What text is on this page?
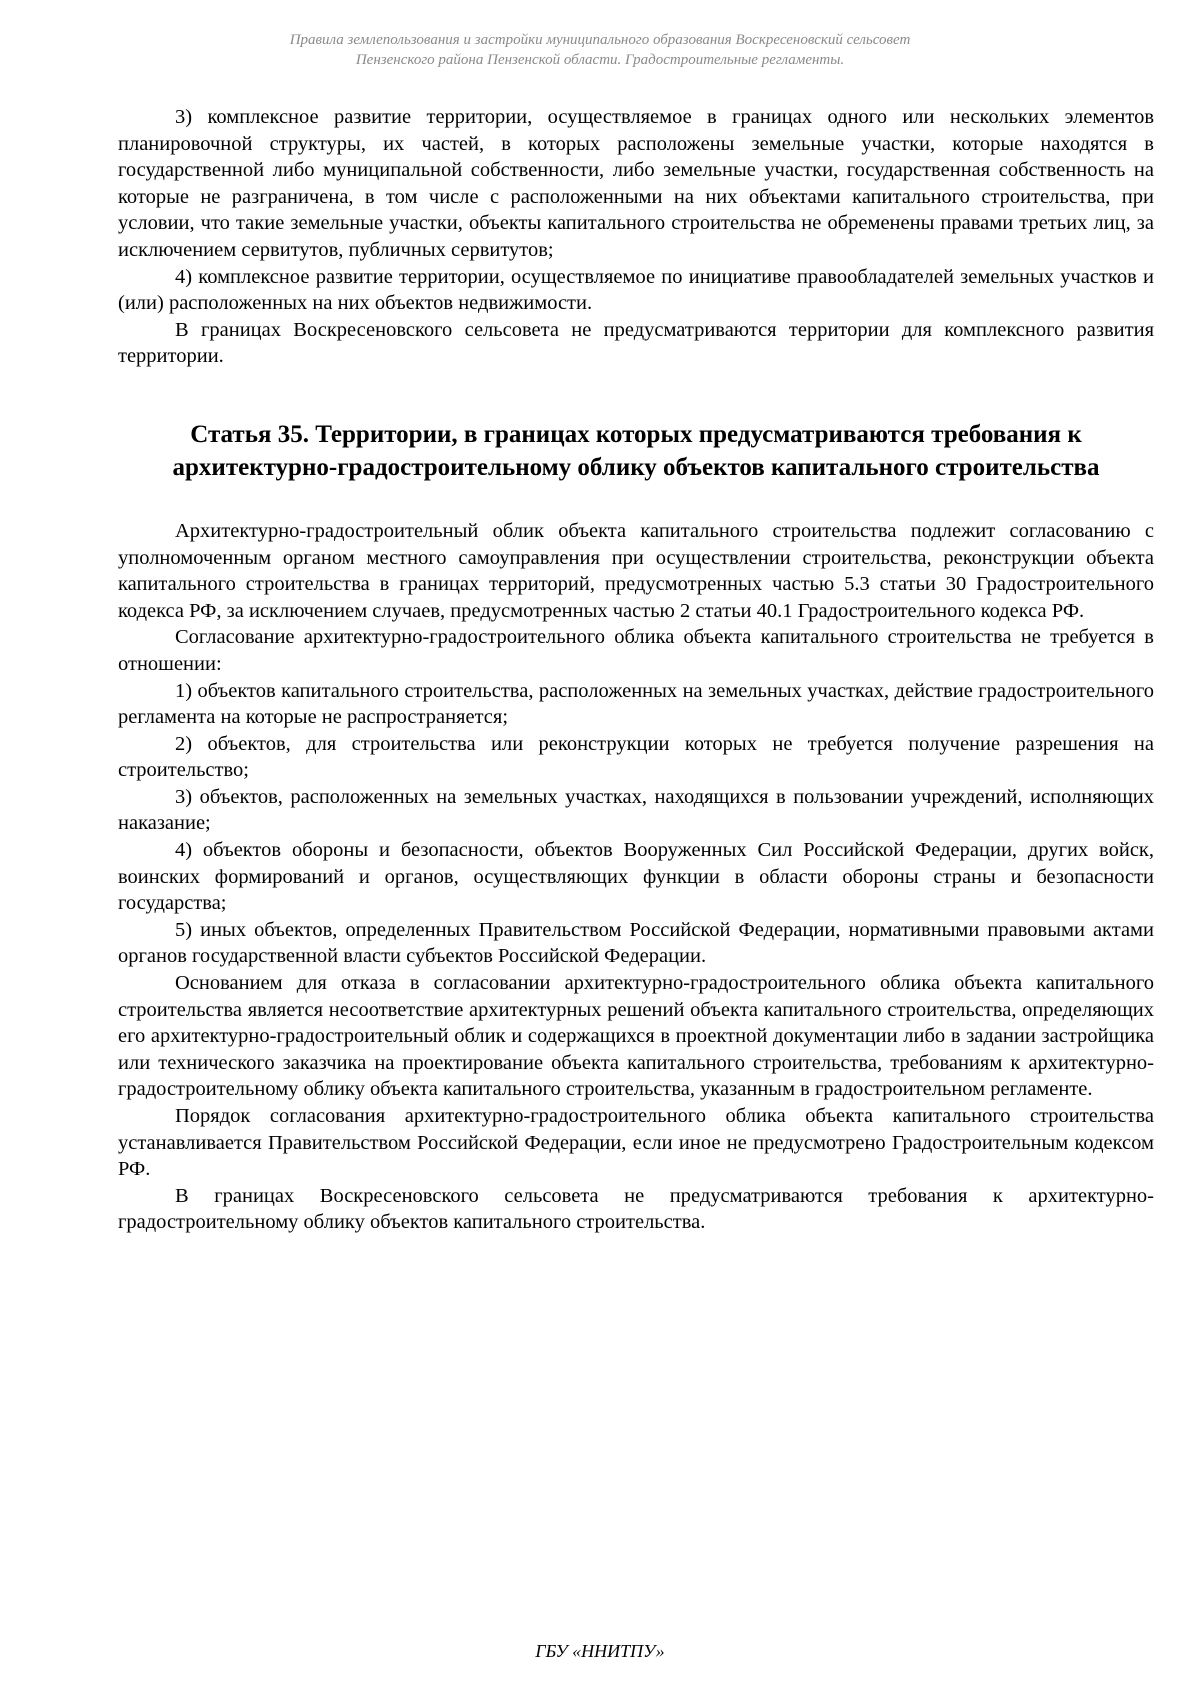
Правила землепользования и застройки муниципального образования Воскресеновский сельсовет
Пензенского района Пензенской области. Градостроительные регламенты.

3) комплексное развитие территории, осуществляемое в границах одного или нескольких элементов планировочной структуры, их частей, в которых расположены земельные участки, которые находятся в государственной либо муниципальной собственности, либо земельные участки, государственная собственность на которые не разграничена, в том числе с расположенными на них объектами капитального строительства, при условии, что такие земельные участки, объекты капитального строительства не обременены правами третьих лиц, за исключением сервитутов, публичных сервитутов;

4) комплексное развитие территории, осуществляемое по инициативе правообладателей земельных участков и (или) расположенных на них объектов недвижимости.

В границах Воскресеновского сельсовета не предусматриваются территории для комплексного развития территории.

Статья 35. Территории, в границах которых предусматриваются требования к архитектурно-градостроительному облику объектов капитального строительства

Архитектурно-градостроительный облик объекта капитального строительства подлежит согласованию с уполномоченным органом местного самоуправления при осуществлении строительства, реконструкции объекта капитального строительства в границах территорий, предусмотренных частью 5.3 статьи 30 Градостроительного кодекса РФ, за исключением случаев, предусмотренных частью 2 статьи 40.1 Градостроительного кодекса РФ.

Согласование архитектурно-градостроительного облика объекта капитального строительства не требуется в отношении:

1) объектов капитального строительства, расположенных на земельных участках, действие градостроительного регламента на которые не распространяется;

2) объектов, для строительства или реконструкции которых не требуется получение разрешения на строительство;

3) объектов, расположенных на земельных участках, находящихся в пользовании учреждений, исполняющих наказание;

4) объектов обороны и безопасности, объектов Вооруженных Сил Российской Федерации, других войск, воинских формирований и органов, осуществляющих функции в области обороны страны и безопасности государства;

5) иных объектов, определенных Правительством Российской Федерации, нормативными правовыми актами органов государственной власти субъектов Российской Федерации.

Основанием для отказа в согласовании архитектурно-градостроительного облика объекта капитального строительства является несоответствие архитектурных решений объекта капитального строительства, определяющих его архитектурно-градостроительный облик и содержащихся в проектной документации либо в задании застройщика или технического заказчика на проектирование объекта капитального строительства, требованиям к архитектурно-градостроительному облику объекта капитального строительства, указанным в градостроительном регламенте.

Порядок согласования архитектурно-градостроительного облика объекта капитального строительства устанавливается Правительством Российской Федерации, если иное не предусмотрено Градостроительным кодексом РФ.

В границах Воскресеновского сельсовета не предусматриваются требования к архитектурно-градостроительному облику объектов капитального строительства.

ГБУ «ННИТПУ»
